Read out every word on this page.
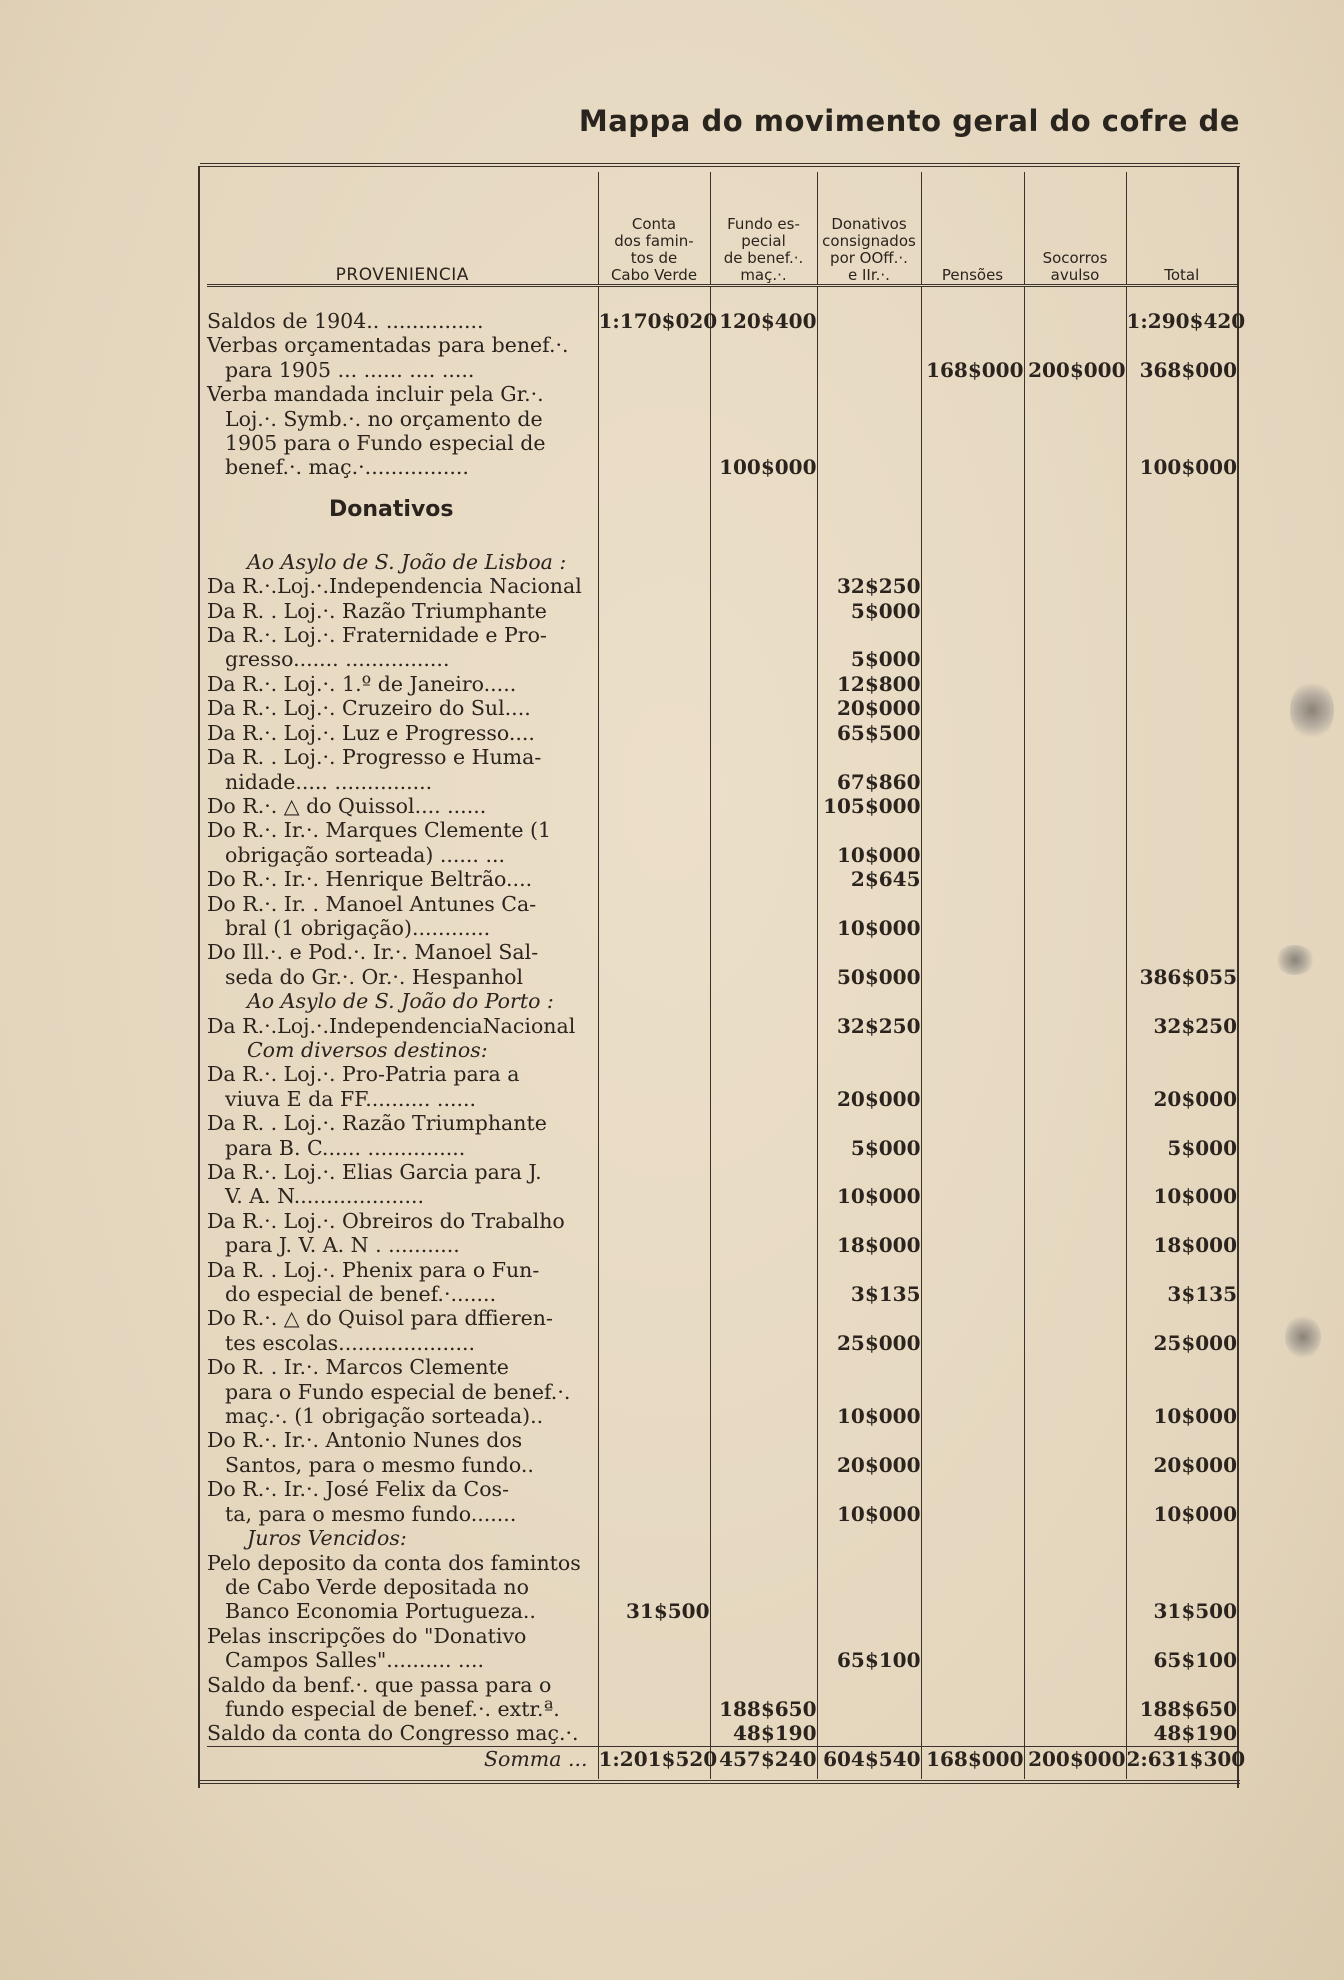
Mappa do movimento geral do cofre de
PROVENIENCIA	Conta
dos famin-
tos de
Cabo Verde	Fundo es-
pecial
de benef.·.
maç.·.	Donativos
consignados
por OOff.·.
e IIr.·.	Pensões	Socorros
avulso	Total

Saldos de 1904.. ...............	1:170$020	120$400				1:290$420

Verbas orçamentadas para benef.·.
para 1905 ... ...... .... .....				168$000	200$000	368$000

Verba mandada incluir pela Gr.·.
Loj.·. Symb.·. no orçamento de
1905 para o Fundo especial de
benef.·. maç.·................		100$000				100$000
Donativos						
Ao Asylo de S. João de Lisboa :						

Da R.·.Loj.·.Independencia Nacional			32$250			

Da R. . Loj.·. Razão Triumphante			5$000			

Da R.·. Loj.·. Fraternidade e Pro-
gresso....... ................			5$000			

Da R.·. Loj.·. 1.º de Janeiro.....			12$800			

Da R.·. Loj.·. Cruzeiro do Sul....			20$000			

Da R.·. Loj.·. Luz e Progresso....			65$500			

Da R. . Loj.·. Progresso e Huma-
nidade..... ...............			67$860			

Do R.·. △ do Quissol.... ......			105$000			

Do R.·. Ir.·. Marques Clemente (1
obrigação sorteada) ...... ...			10$000			

Do R.·. Ir.·. Henrique Beltrão....			2$645			

Do R.·. Ir. . Manoel Antunes Ca-
bral (1 obrigação)............			10$000			

Do Ill.·. e Pod.·. Ir.·. Manoel Sal-
seda do Gr.·. Or.·. Hespanhol			50$000			386$055
Ao Asylo de S. João do Porto :						

Da R.·.Loj.·.IndependenciaNacional			32$250			32$250
Com diversos destinos:						

Da R.·. Loj.·. Pro-Patria para a
viuva E da FF.......... ......			20$000			20$000

Da R. . Loj.·. Razão Triumphante
para B. C...... ...............			5$000			5$000

Da R.·. Loj.·. Elias Garcia para J.
V. A. N....................			10$000			10$000

Da R.·. Loj.·. Obreiros do Trabalho
para J. V. A. N . ...........			18$000			18$000

Da R. . Loj.·. Phenix para o Fun-
do especial de benef.·.......			3$135			3$135

Do R.·. △ do Quisol para dffieren-
tes escolas.....................			25$000			25$000

Do R. . Ir.·. Marcos Clemente
para o Fundo especial de benef.·.
maç.·. (1 obrigação sorteada)..			10$000			10$000

Do R.·. Ir.·. Antonio Nunes dos
Santos, para o mesmo fundo..			20$000			20$000

Do R.·. Ir.·. José Felix da Cos-
ta, para o mesmo fundo.......			10$000			10$000
Juros Vencidos:						

Pelo deposito da conta dos famintos
de Cabo Verde depositada no
Banco Economia Portugueza..	31$500					31$500

Pelas inscripções do "Donativo
Campos Salles".......... ....			65$100			65$100

Saldo da benf.·. que passa para o
fundo especial de benef.·. extr.ª.		188$650				188$650

Saldo da conta do Congresso maç.·.		48$190				48$190
Somma ...	1:201$520	457$240	604$540	168$000	200$000	2:631$300
